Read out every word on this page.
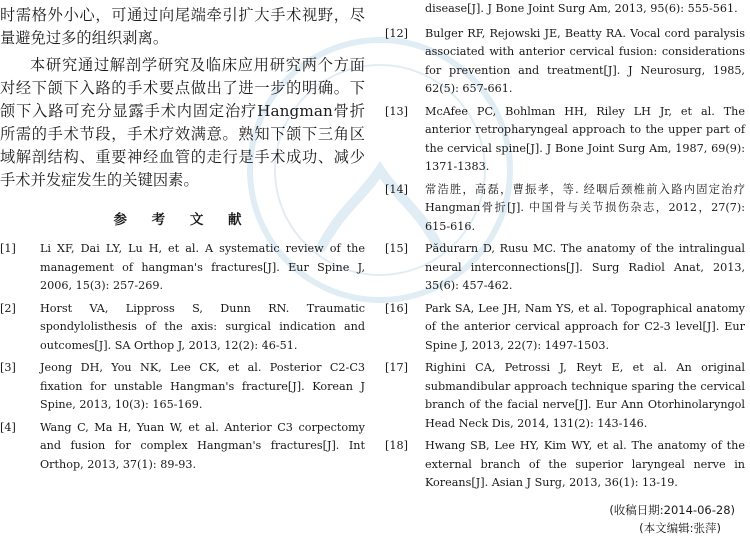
时需格外小心，可通过向尾端牵引扩大手术视野，尽量避免过多的组织剥离。

本研究通过解剖学研究及临床应用研究两个方面对经下颌下入路的手术要点做出了进一步的明确。下颌下入路可充分显露手术内固定治疗Hangman骨折所需的手术节段，手术疗效满意。熟知下颌下三角区域解剖结构、重要神经血管的走行是手术成功、减少手术并发症发生的关键因素。

参 考 文 献
[1]	Li XF, Dai LY, Lu H, et al. A systematic review of the management of hangman's fractures[J]. Eur Spine J, 2006, 15(3): 257-269.
[2]	Horst VA, Lippross S, Dunn RN. Traumatic spondylolisthesis of the axis: surgical indication and outcomes[J]. SA Orthop J, 2013, 12(2): 46-51.
[3]	Jeong DH, You NK, Lee CK, et al. Posterior C2-C3 fixation for unstable Hangman's fracture[J]. Korean J Spine, 2013, 10(3): 165-169.
[4]	Wang C, Ma H, Yuan W, et al. Anterior C3 corpectomy and fusion for complex Hangman's fractures[J]. Int Orthop, 2013, 37(1): 89-93.
disease[J]. J Bone Joint Surg Am, 2013, 95(6): 555-561.
[12]	Bulger RF, Rejowski JE, Beatty RA. Vocal cord paralysis associated with anterior cervical fusion: considerations for prevention and treatment[J]. J Neurosurg, 1985, 62(5): 657-661.
[13]	McAfee PC, Bohlman HH, Riley LH Jr, et al. The anterior retropharyngeal approach to the upper part of the cervical spine[J]. J Bone Joint Surg Am, 1987, 69(9): 1371-1383.
[14]	常浩胜，高磊，曹振孝，等. 经咽后颈椎前入路内固定治疗Hangman骨折[J]. 中国骨与关节损伤杂志，2012，27(7): 615-616.
[15]	Pădurarn D, Rusu MC. The anatomy of the intralingual neural interconnections[J]. Surg Radiol Anat, 2013, 35(6): 457-462.
[16]	Park SA, Lee JH, Nam YS, et al. Topographical anatomy of the anterior cervical approach for C2-3 level[J]. Eur Spine J, 2013, 22(7): 1497-1503.
[17]	Righini CA, Petrossi J, Reyt E, et al. An original submandibular approach technique sparing the cervical branch of the facial nerve[J]. Eur Ann Otorhinolaryngol Head Neck Dis, 2014, 131(2): 143-146.
[18]	Hwang SB, Lee HY, Kim WY, et al. The anatomy of the external branch of the superior laryngeal nerve in Koreans[J]. Asian J Surg, 2013, 36(1): 13-19.
(收稿日期:2014-06-28)
(本文编辑:张萍)
